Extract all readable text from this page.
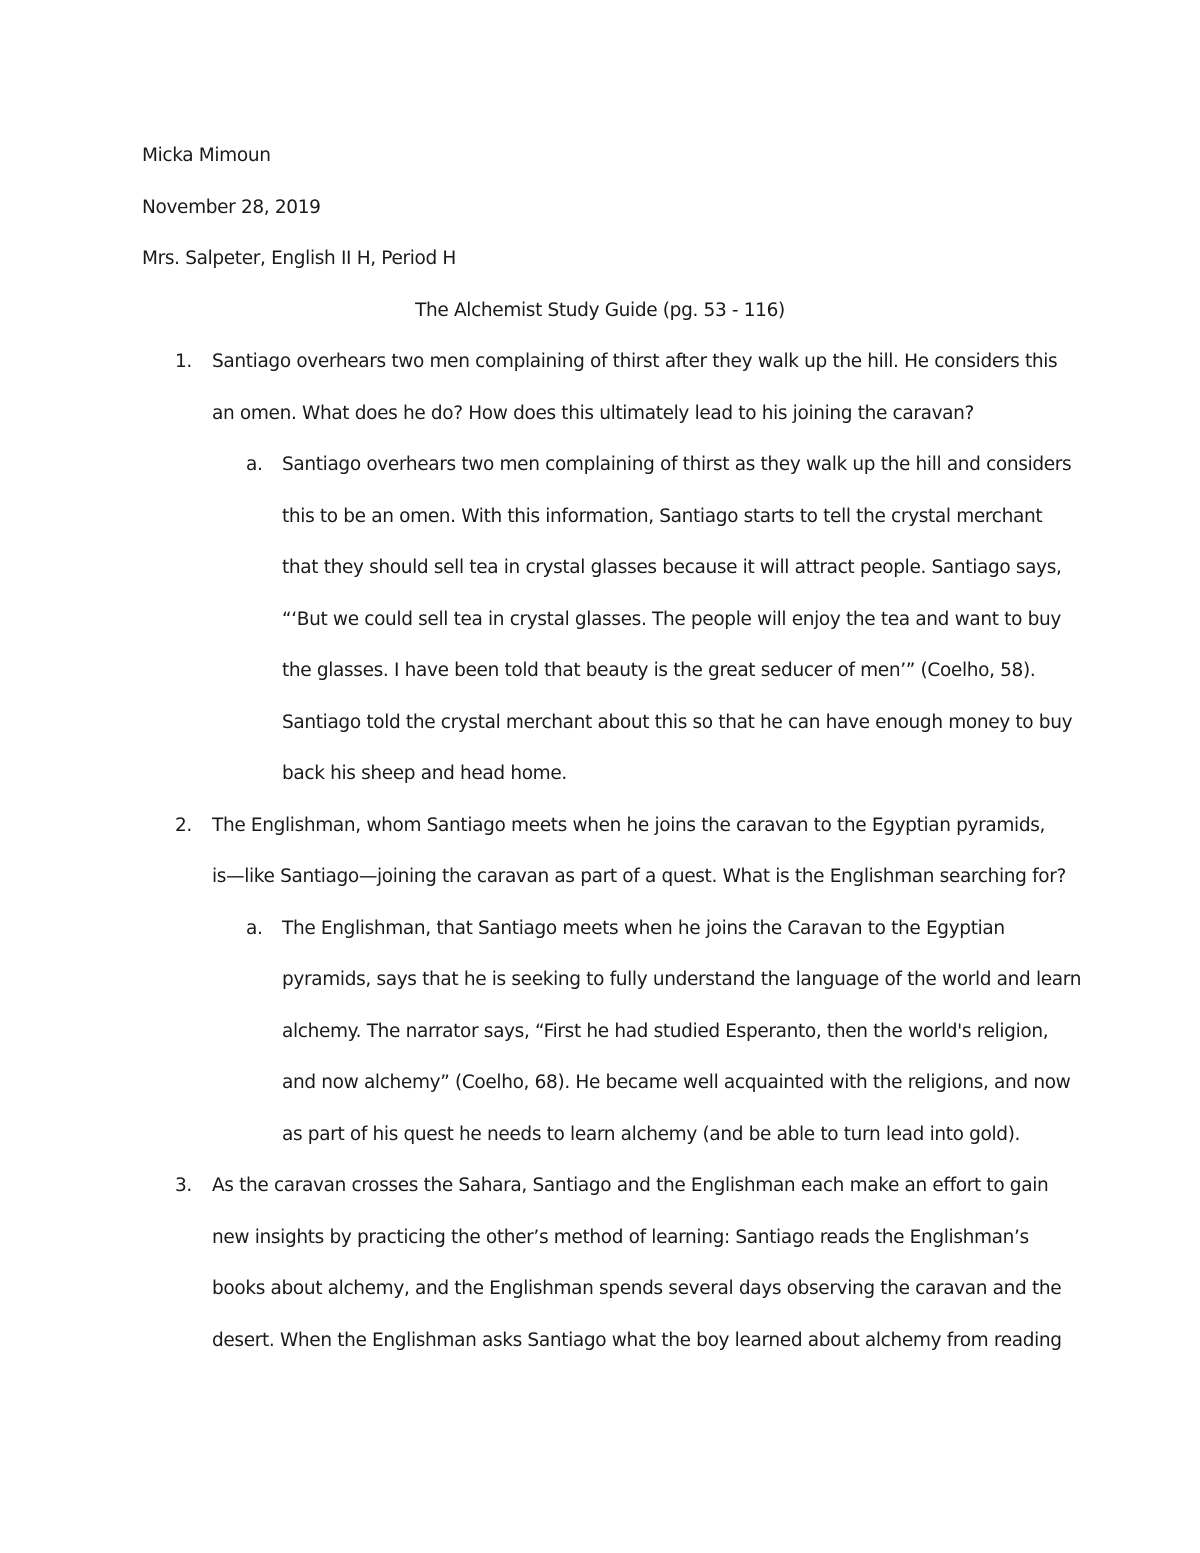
Micka Mimoun
November 28, 2019
Mrs. Salpeter, English II H, Period H
The Alchemist Study Guide (pg. 53 - 116)
1. Santiago overhears two men complaining of thirst after they walk up the hill. He considers this
an omen. What does he do? How does this ultimately lead to his joining the caravan?
a. Santiago overhears two men complaining of thirst as they walk up the hill and considers
this to be an omen. With this information, Santiago starts to tell the crystal merchant
that they should sell tea in crystal glasses because it will attract people. Santiago says,
“‘But we could sell tea in crystal glasses. The people will enjoy the tea and want to buy
the glasses. I have been told that beauty is the great seducer of men’” (Coelho, 58).
Santiago told the crystal merchant about this so that he can have enough money to buy
back his sheep and head home.
2. The Englishman, whom Santiago meets when he joins the caravan to the Egyptian pyramids,
is—like Santiago—joining the caravan as part of a quest. What is the Englishman searching for?
a. The Englishman, that Santiago meets when he joins the Caravan to the Egyptian
pyramids, says that he is seeking to fully understand the language of the world and learn
alchemy. The narrator says, “First he had studied Esperanto, then the world's religion,
and now alchemy” (Coelho, 68). He became well acquainted with the religions, and now
as part of his quest he needs to learn alchemy (and be able to turn lead into gold).
3. As the caravan crosses the Sahara, Santiago and the Englishman each make an effort to gain
new insights by practicing the other’s method of learning: Santiago reads the Englishman’s
books about alchemy, and the Englishman spends several days observing the caravan and the
desert. When the Englishman asks Santiago what the boy learned about alchemy from reading
